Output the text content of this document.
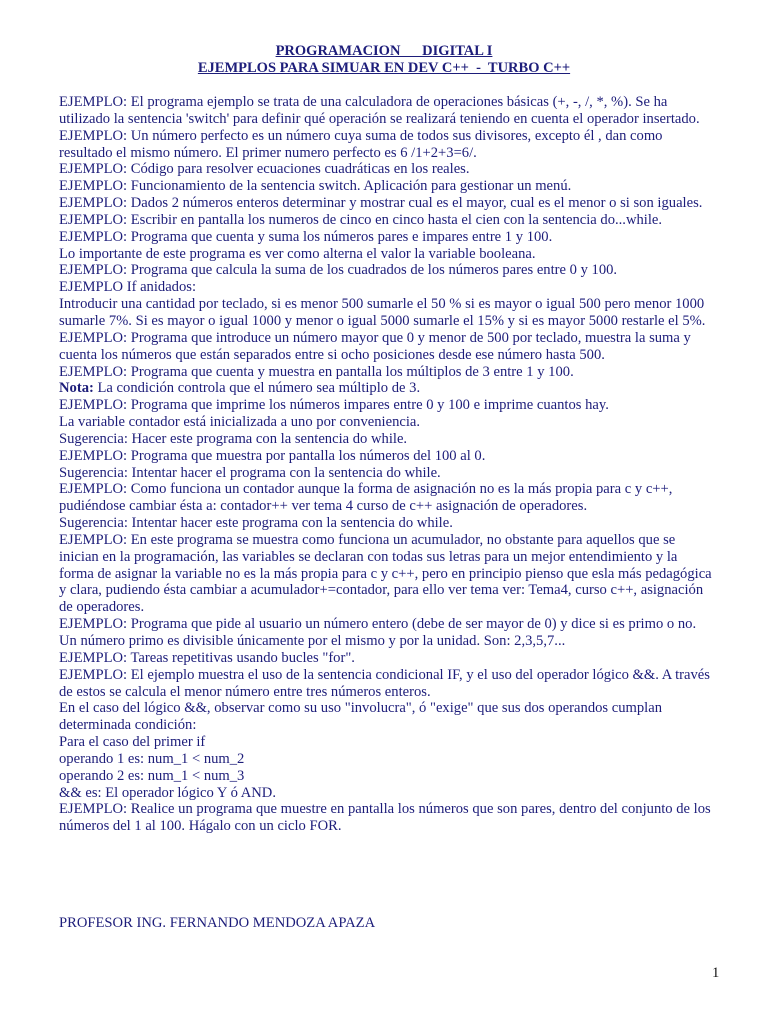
PROGRAMACION      DIGITAL I
EJEMPLOS PARA SIMUAR EN DEV C++  -  TURBO C++

EJEMPLO: El programa ejemplo se trata de una calculadora de operaciones básicas (+, -, /, *, %). Se ha utilizado la sentencia 'switch' para definir qué operación se realizará teniendo en cuenta el operador insertado.

EJEMPLO: Un número perfecto es un número cuya suma de todos sus divisores, excepto él , dan como resultado el mismo número. El primer numero perfecto es 6 /1+2+3=6/.

EJEMPLO: Código para resolver ecuaciones cuadráticas en los reales.

EJEMPLO: Funcionamiento de la sentencia switch. Aplicación para gestionar un menú.

EJEMPLO: Dados 2 números enteros determinar y mostrar cual es el mayor, cual es el menor o si son iguales.

EJEMPLO: Escribir en pantalla los numeros de cinco en cinco hasta el cien con la sentencia do...while.

EJEMPLO: Programa que cuenta y suma los números pares e impares entre 1 y 100.

Lo importante de este programa es ver como alterna el valor la variable booleana.

EJEMPLO: Programa que calcula la suma de los cuadrados de los números pares entre 0 y 100.

EJEMPLO If anidados:

Introducir una cantidad por teclado, si es menor 500 sumarle el 50 % si es mayor o igual 500 pero menor 1000 sumarle 7%. Si es mayor o igual 1000 y menor o igual 5000 sumarle el 15% y si es mayor 5000 restarle el 5%.

EJEMPLO: Programa que introduce un número mayor que 0 y menor de 500 por teclado, muestra la suma y cuenta los números que están separados entre si ocho posiciones desde ese número hasta 500.

EJEMPLO: Programa que cuenta y muestra en pantalla los múltiplos de 3 entre 1 y 100.

Nota: La condición controla que el número sea múltiplo de 3.

EJEMPLO: Programa que imprime los números impares entre 0 y 100 e imprime cuantos hay.

La variable contador está inicializada a uno por conveniencia.

Sugerencia: Hacer este programa con la sentencia do while.

EJEMPLO: Programa que muestra por pantalla los números del 100 al 0.

Sugerencia: Intentar hacer el programa con la sentencia do while.

EJEMPLO: Como funciona un contador aunque la forma de asignación no es la más propia para c y c++, pudiéndose cambiar ésta a: contador++ ver tema 4 curso de c++ asignación de operadores.

Sugerencia: Intentar hacer este programa con la sentencia do while.

EJEMPLO: En este programa se muestra como funciona un acumulador, no obstante para aquellos que se inician en la programación, las variables se declaran con todas sus letras para un mejor entendimiento y la forma de asignar la variable no es la más propia para c y c++, pero en principio pienso que esla más pedagógica y clara, pudiendo ésta cambiar a acumulador+=contador, para ello ver tema ver: Tema4, curso c++, asignación de operadores.

EJEMPLO: Programa que pide al usuario un número entero (debe de ser mayor de 0) y dice si es primo o no. Un número primo es divisible únicamente por el mismo y por la unidad. Son: 2,3,5,7...

EJEMPLO: Tareas repetitivas usando bucles "for".

EJEMPLO: El ejemplo muestra el uso de la sentencia condicional IF, y el uso del operador lógico &&. A través de estos se calcula el menor número entre tres números enteros.

En el caso del lógico &&, observar como su uso "involucra", ó "exige" que sus dos operandos cumplan determinada condición:

Para el caso del primer if

operando 1 es: num_1 < num_2

operando 2 es: num_1 < num_3

&& es: El operador lógico Y ó AND.

EJEMPLO: Realice un programa que muestre en pantalla los números que son pares, dentro del conjunto de los números del 1 al 100. Hágalo con un ciclo FOR.

PROFESOR ING. FERNANDO MENDOZA APAZA
1
